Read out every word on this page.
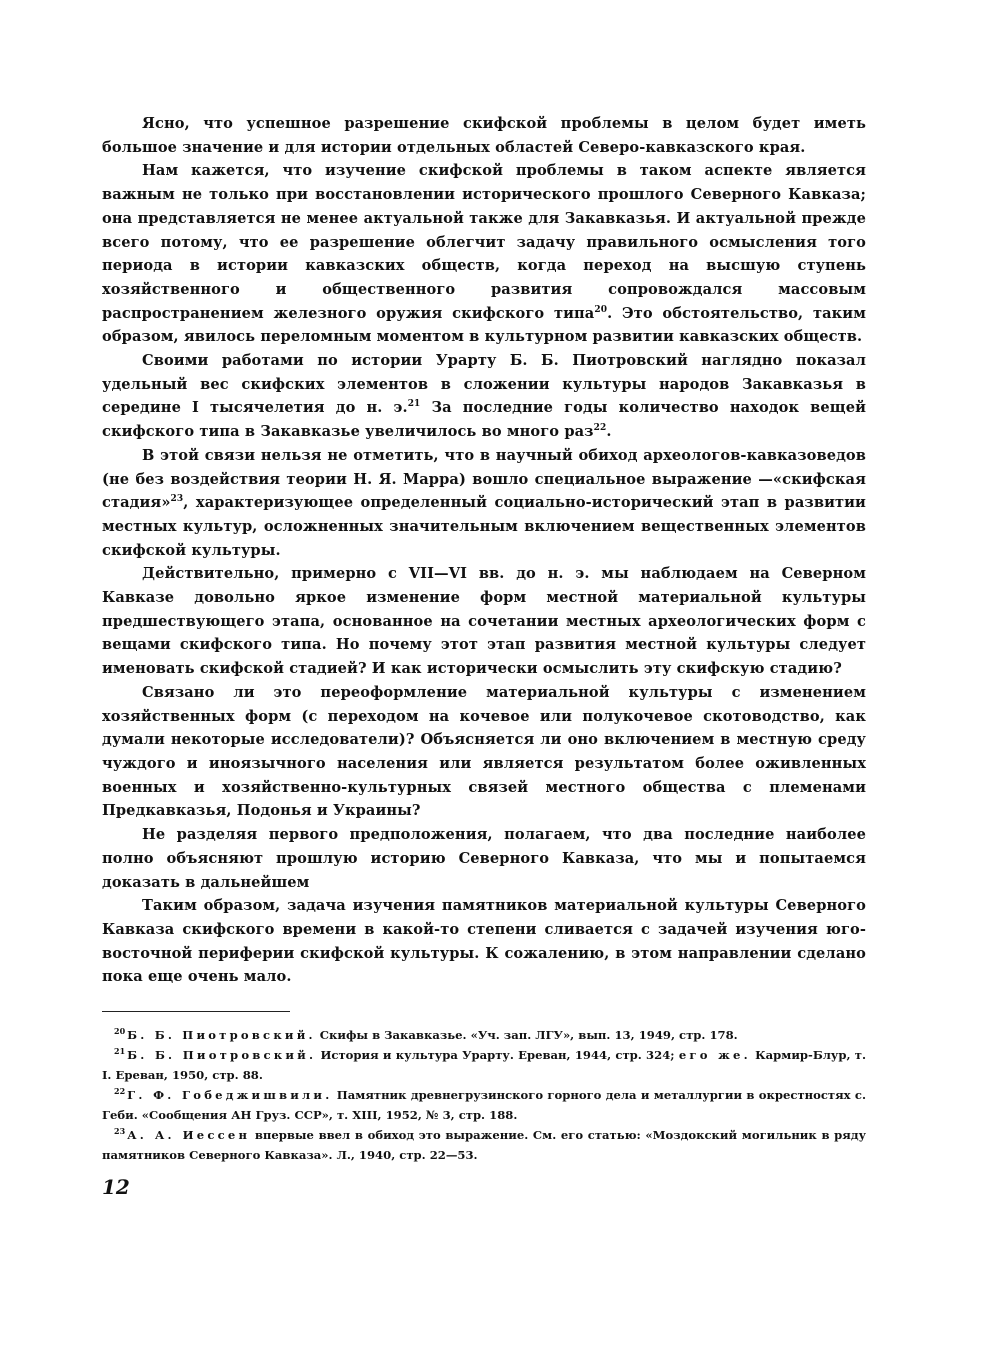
Ясно, что успешное разрешение скифской проблемы в целом будет иметь большое значение и для истории отдельных областей Северо-кавказского края.

Нам кажется, что изучение скифской проблемы в таком аспекте является важным не только при восстановлении исторического прошлого Северного Кавказа; она представляется не менее актуальной также для Закавказья. И актуальной прежде всего потому, что ее разрешение облегчит задачу правильного осмысления того периода в истории кавказских обществ, когда переход на высшую ступень хозяйственного и общественного развития сопровождался массовым распространением железного оружия скифского типа$^{20}$. Это обстоятельство, таким образом, явилось переломным моментом в культурном развитии кавказских обществ.

Своими работами по истории Урарту Б. Б. Пиотровский наглядно показал удельный вес скифских элементов в сложении культуры народов Закавказья в середине I тысячелетия до н. э.$^{21}$ За последние годы количество находок вещей скифского типа в Закавказье увеличилось во много раз$^{22}$.

В этой связи нельзя не отметить, что в научный обиход археологов-кавказоведов (не без воздействия теории Н. Я. Марра) вошло специальное выражение —«скифская стадия»$^{23}$, характеризующее определенный социально-исторический этап в развитии местных культур, осложненных значительным включением вещественных элементов скифской культуры.

Действительно, примерно с VII—VI вв. до н. э. мы наблюдаем на Северном Кавказе довольно яркое изменение форм местной материальной культуры предшествующего этапа, основанное на сочетании местных археологических форм с вещами скифского типа. Но почему этот этап развития местной культуры следует именовать скифской стадией? И как исторически осмыслить эту скифскую стадию?

Связано ли это переоформление материальной культуры с изменением хозяйственных форм (с переходом на кочевое или полукочевое скотоводство, как думали некоторые исследователи)? Объясняется ли оно включением в местную среду чуждого и иноязычного населения или является результатом более оживленных военных и хозяйственно-культурных связей местного общества с племенами Предкавказья, Подонья и Украины?

Не разделяя первого предположения, полагаем, что два последние наиболее полно объясняют прошлую историю Северного Кавказа, что мы и попытаемся доказать в дальнейшем

Таким образом, задача изучения памятников материальной культуры Северного Кавказа скифского времени в какой-то степени сливается с задачей изучения юго-восточной периферии скифской культуры. К сожалению, в этом направлении сделано пока еще очень мало.

$^{20}$ Б. Б. Пиотровский. Скифы в Закавказье. «Уч. зап. ЛГУ», вып. 13, 1949, стр. 178.

$^{21}$ Б. Б. Пиотровский. История и культура Урарту. Ереван, 1944, стр. 324; его же. Кармир-Блур, т. I. Ереван, 1950, стр. 88.

$^{22}$ Г. Ф. Гобеджишвили. Памятник древнегрузинского горного дела и металлургии в окрестностях с. Геби. «Сообщения АН Груз. ССР», т. XIII, 1952, № 3, стр. 188.

$^{23}$ А. А. Иессен впервые ввел в обиход это выражение. См. его статью: «Моздокский могильник в ряду памятников Северного Кавказа». Л., 1940, стр. 22—53.

12
